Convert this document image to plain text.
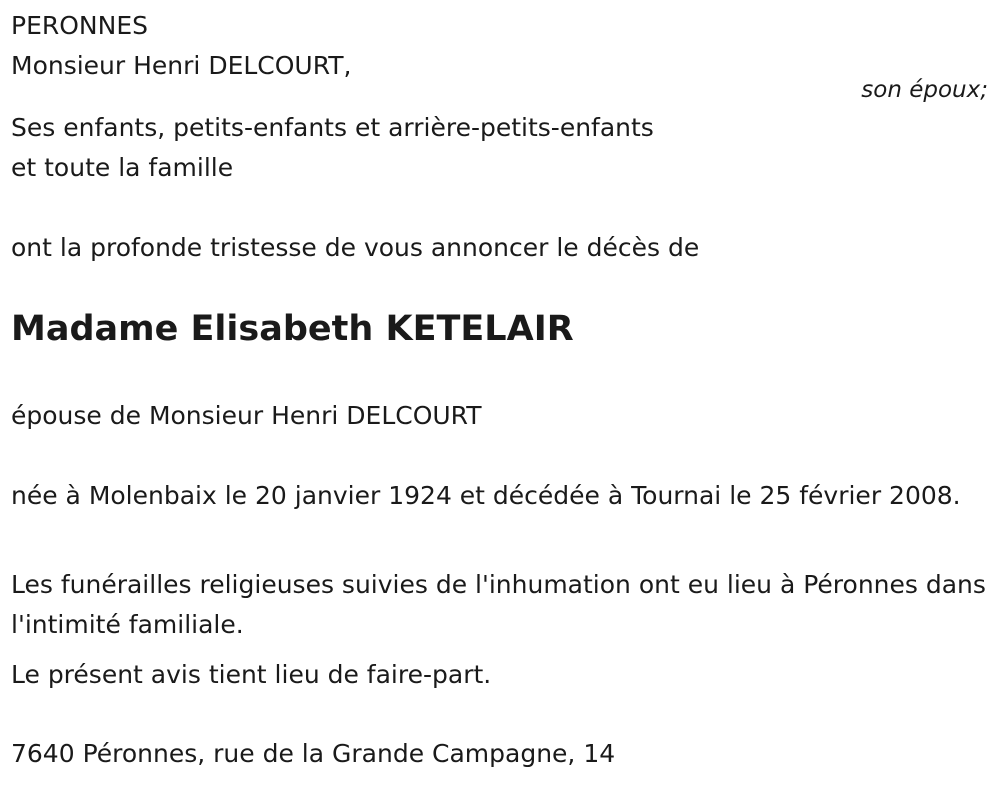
PERONNES

Monsieur Henri DELCOURT,

son époux;

Ses enfants, petits-enfants et arrière-petits-enfants

et toute la famille

ont la profonde tristesse de vous annoncer le décès de

Madame Elisabeth KETELAIR

épouse de Monsieur Henri DELCOURT

née à Molenbaix le 20 janvier 1924 et décédée à Tournai le 25 février 2008.

Les funérailles religieuses suivies de l'inhumation ont eu lieu à Péronnes dans l'intimité familiale.

Le présent avis tient lieu de faire-part.

7640 Péronnes, rue de la Grande Campagne, 14
